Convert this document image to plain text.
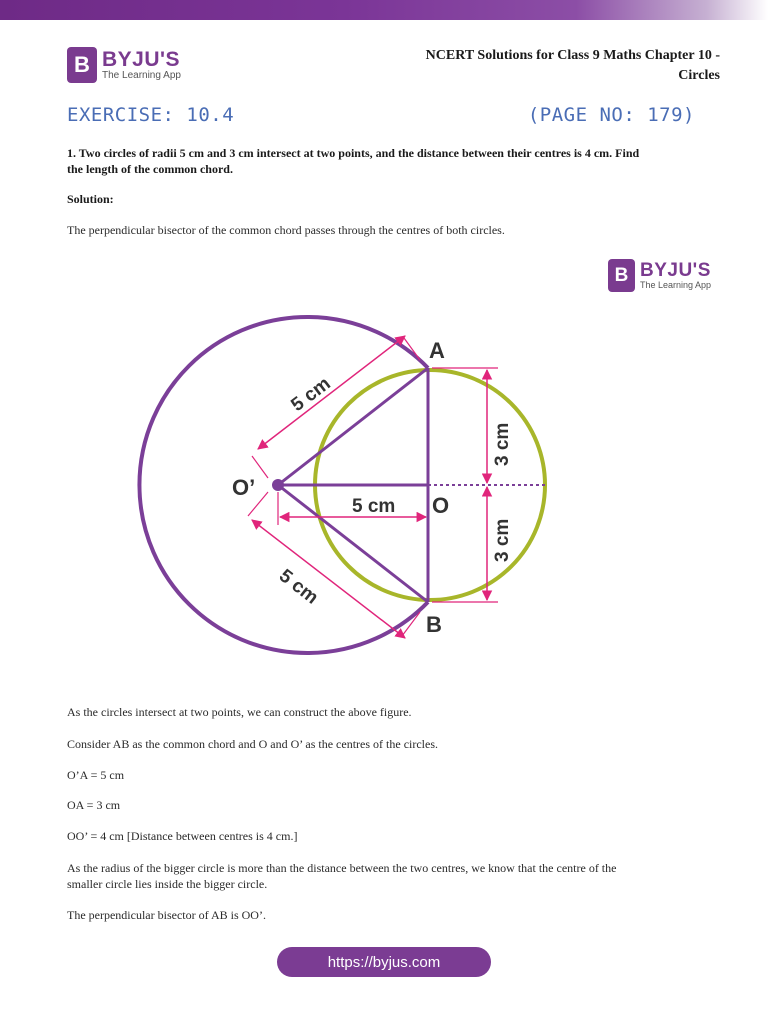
B BYJU'S
The Learning App
NCERT Solutions for Class 9 Maths Chapter 10 -
Circles
EXERCISE: 10.4	(PAGE NO: 179)
1. Two circles of radii 5 cm and 3 cm intersect at two points, and the distance between their centres is 4 cm. Find
the length of the common chord.
Solution:
The perpendicular bisector of the common chord passes through the centres of both circles.
B BYJU'S
The Learning App
A
B
O
O’
5 cm
5 cm
5 cm
3 cm
3 cm
As the circles intersect at two points, we can construct the above figure.
Consider AB as the common chord and O and O’ as the centres of the circles.
O’A = 5 cm
OA = 3 cm
OO’ = 4 cm [Distance between centres is 4 cm.]
As the radius of the bigger circle is more than the distance between the two centres, we know that the centre of the
smaller circle lies inside the bigger circle.
The perpendicular bisector of AB is OO’.
https://byjus.com
